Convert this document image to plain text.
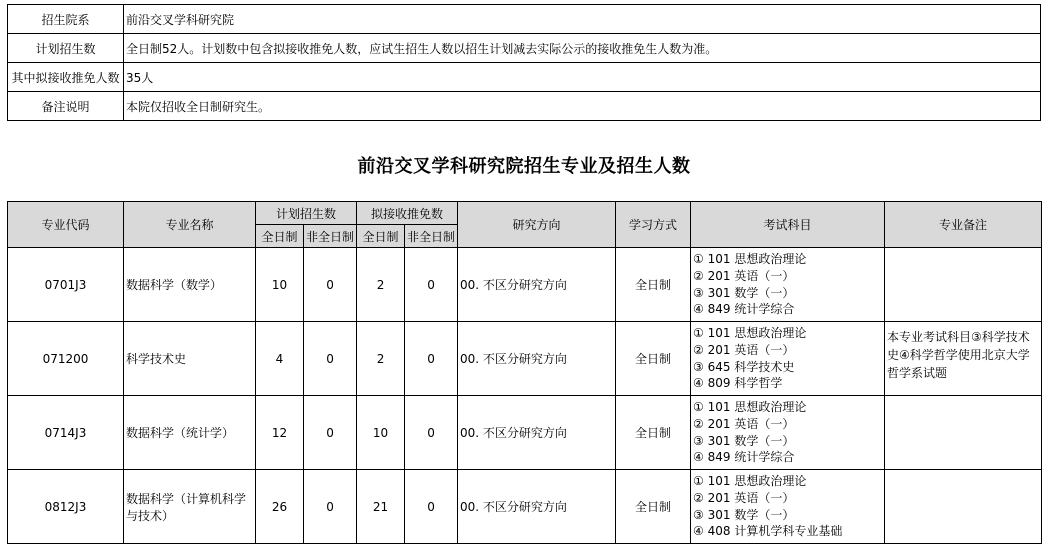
招生院系	前沿交叉学科研究院
计划招生数	全日制52人。计划数中包含拟接收推免人数，应试生招生人数以招生计划减去实际公示的接收推免生人数为准。
其中拟接收推免人数	35人
备注说明	本院仅招收全日制研究生。
前沿交叉学科研究院招生专业及招生人数
专业代码	专业名称	计划招生数		拟接收推免数		研究方向	学习方式	考试科目	专业备注
		全日制	非全日制	全日制	非全日制				
0701J3	数据科学（数学）	10	0	2	0	00. 不区分研究方向	全日制	① 101 思想政治理论
② 201 英语（一）
③ 301 数学（一）
④ 849 统计学综合	

071200	科学技术史	4	0	2	0	00. 不区分研究方向	全日制	① 101 思想政治理论
② 201 英语（一）
③ 645 科学技术史
④ 809 科学哲学	本专业考试科目③科学技术史④科学哲学使用北京大学哲学系试题
0714J3	数据科学（统计学）	12	0	10	0	00. 不区分研究方向	全日制	① 101 思想政治理论
② 201 英语（一）
③ 301 数学（一）
④ 849 统计学综合	

0812J3	数据科学（计算机科学与技术）	26	0	21	0	00. 不区分研究方向	全日制	① 101 思想政治理论
② 201 英语（一）
③ 301 数学（一）
④ 408 计算机学科专业基础	
